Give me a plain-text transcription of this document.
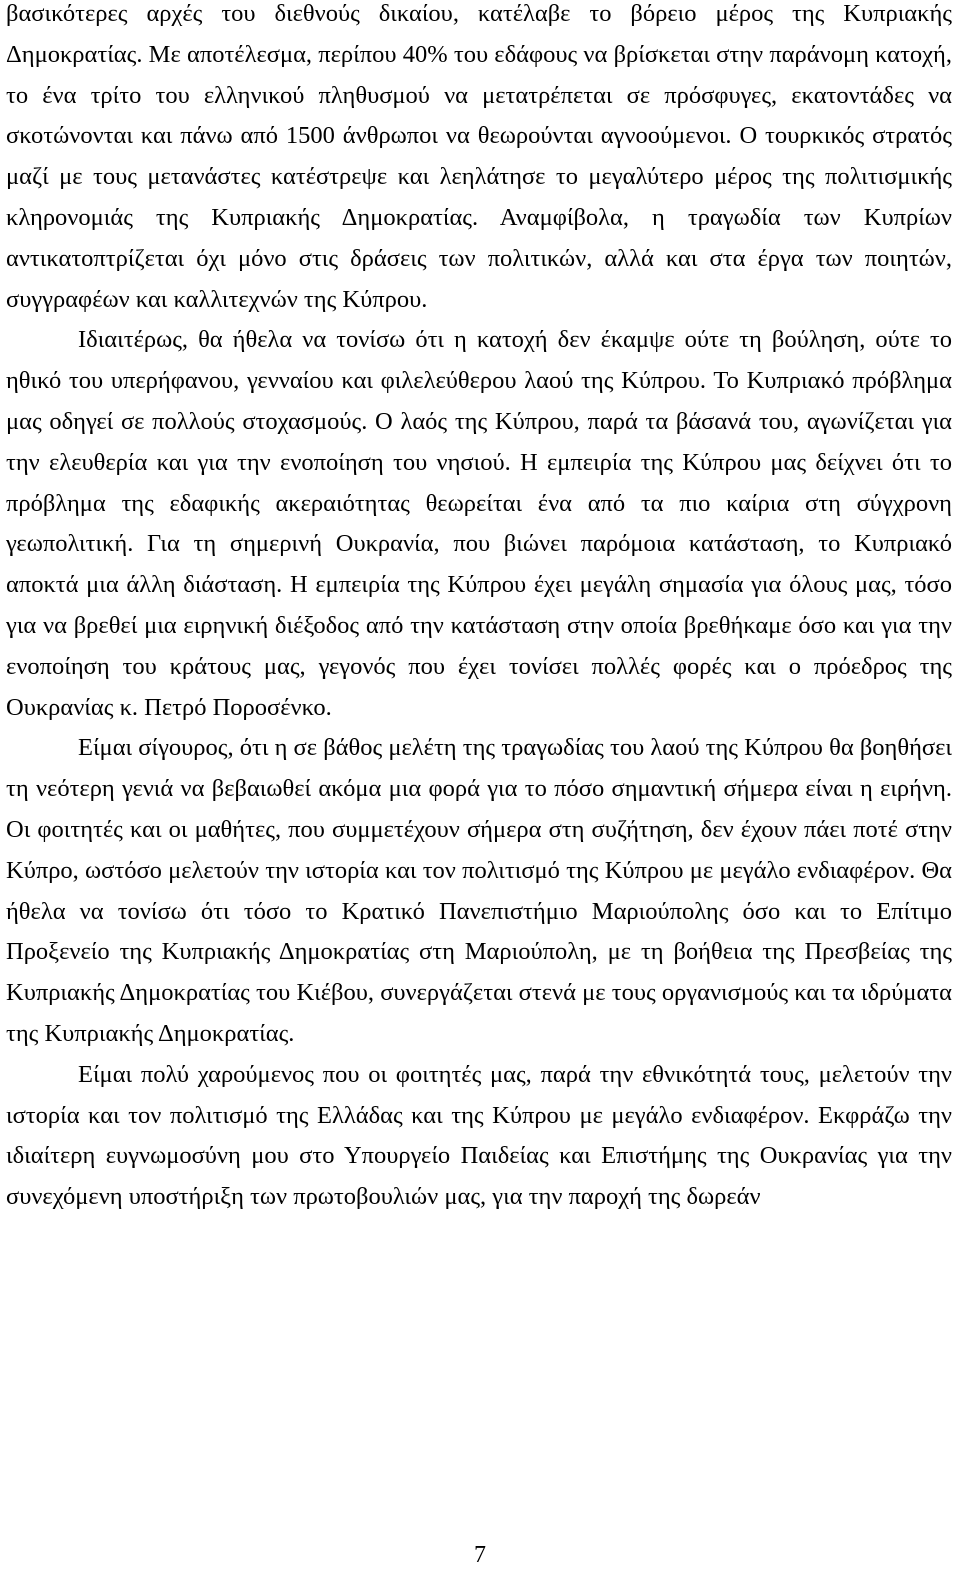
βασικότερες αρχές του διεθνούς δικαίου, κατέλαβε το βόρειο μέρος της Κυπριακής Δημοκρατίας. Με αποτέλεσμα, περίπου 40% του εδάφους να βρίσκεται στην παράνομη κατοχή, το ένα τρίτο του ελληνικού πληθυσμού να μετατρέπεται σε πρόσφυγες, εκατοντάδες να σκοτώνονται και πάνω από 1500 άνθρωποι να θεωρούνται αγνοούμενοι. Ο τουρκικός στρατός μαζί με τους μετανάστες κατέστρεψε και λεηλάτησε το μεγαλύτερο μέρος της πολιτισμικής κληρονομιάς της Κυπριακής Δημοκρατίας. Αναμφίβολα, η τραγωδία των Κυπρίων αντικατοπτρίζεται όχι μόνο στις δράσεις των πολιτικών, αλλά και στα έργα των ποιητών, συγγραφέων και καλλιτεχνών της Κύπρου.

Ιδιαιτέρως, θα ήθελα να τονίσω ότι η κατοχή δεν έκαμψε ούτε τη βούληση, ούτε το ηθικό του υπερήφανου, γενναίου και φιλελεύθερου λαού της Κύπρου. Το Κυπριακό πρόβλημα μας οδηγεί σε πολλούς στοχασμούς. Ο λαός της Κύπρου, παρά τα βάσανά του, αγωνίζεται για την ελευθερία και για την ενοποίηση του νησιού. Η εμπειρία της Κύπρου μας δείχνει ότι το πρόβλημα της εδαφικής ακεραιότητας θεωρείται ένα από τα πιο καίρια στη σύγχρονη γεωπολιτική. Για τη σημερινή Ουκρανία, που βιώνει παρόμοια κατάσταση, το Κυπριακό αποκτά μια άλλη διάσταση. Η εμπειρία της Κύπρου έχει μεγάλη σημασία για όλους μας, τόσο για να βρεθεί μια ειρηνική διέξοδος από την κατάσταση στην οποία βρεθήκαμε όσο και για την ενοποίηση του κράτους μας, γεγονός που έχει τονίσει πολλές φορές και ο πρόεδρος της Ουκρανίας κ. Πετρό Ποροσένκο.

Είμαι σίγουρος, ότι η σε βάθος μελέτη της τραγωδίας του λαού της Κύπρου θα βοηθήσει τη νεότερη γενιά να βεβαιωθεί ακόμα μια φορά για το πόσο σημαντική σήμερα είναι η ειρήνη. Οι φοιτητές και οι μαθήτες, που συμμετέχουν σήμερα στη συζήτηση, δεν έχουν πάει ποτέ στην Κύπρο, ωστόσο μελετούν την ιστορία και τον πολιτισμό της Κύπρου με μεγάλο ενδιαφέρον. Θα ήθελα να τονίσω ότι τόσο το Κρατικό Πανεπιστήμιο Μαριούπολης όσο και το Επίτιμο Προξενείο της Κυπριακής Δημοκρατίας στη Μαριούπολη, με τη βοήθεια της Πρεσβείας της Κυπριακής Δημοκρατίας του Κιέβου, συνεργάζεται στενά με τους οργανισμούς και τα ιδρύματα της Κυπριακής Δημοκρατίας.

Είμαι πολύ χαρούμενος που οι φοιτητές μας, παρά την εθνικότητά τους, μελετούν την ιστορία και τον πολιτισμό της Ελλάδας και της Κύπρου με μεγάλο ενδιαφέρον. Εκφράζω την ιδιαίτερη ευγνωμοσύνη μου στο Υπουργείο Παιδείας και Επιστήμης της Ουκρανίας για την συνεχόμενη υποστήριξη των πρωτοβουλιών μας, για την παροχή της δωρεάν

7
